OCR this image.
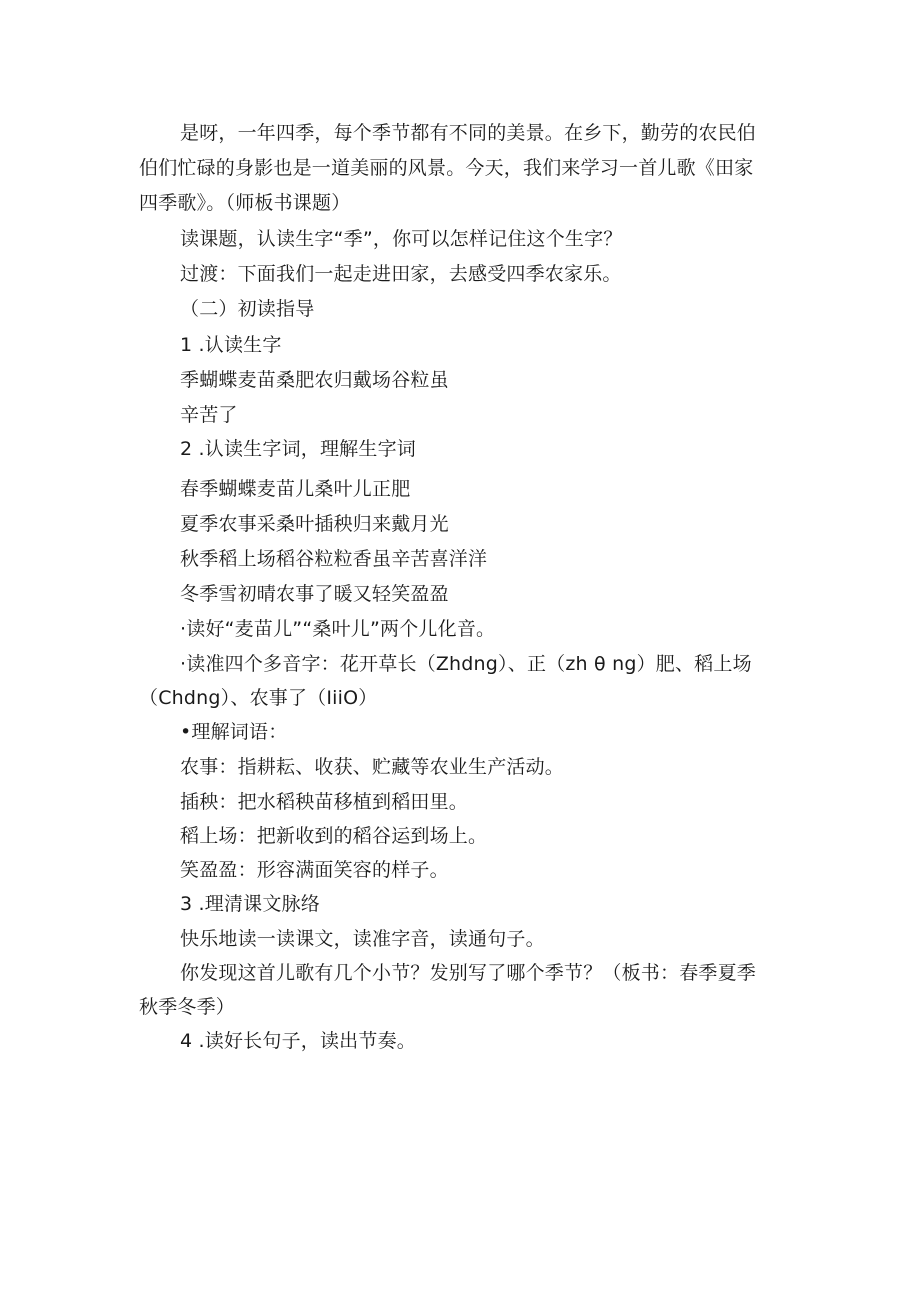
是呀，一年四季，每个季节都有不同的美景。在乡下，勤劳的农民伯
伯们忙碌的身影也是一道美丽的风景。今天，我们来学习一首儿歌《田家
四季歌》。（师板书课题）
读课题，认读生字“季”，你可以怎样记住这个生字？
过渡：下面我们一起走进田家，去感受四季农家乐。
（二）初读指导
1 .认读生字
季蝴蝶麦苗桑肥农归戴场谷粒虽
辛苦了
2 .认读生字词，理解生字词
春季蝴蝶麦苗儿桑叶儿正肥
夏季农事采桑叶插秧归来戴月光
秋季稻上场稻谷粒粒香虽辛苦喜洋洋
冬季雪初晴农事了暖又轻笑盈盈
·读好“麦苗儿”“桑叶儿”两个儿化音。
·读准四个多音字：花开草长（Zhdng）、正（zh θ ng）肥、稻上场
（Chdng）、农事了（IiiO）
•理解词语：
农事：指耕耘、收获、贮藏等农业生产活动。
插秧：把水稻秧苗移植到稻田里。
稻上场：把新收到的稻谷运到场上。
笑盈盈：形容满面笑容的样子。
3 .理清课文脉络
快乐地读一读课文，读准字音，读通句子。
你发现这首儿歌有几个小节？发别写了哪个季节？（板书：春季夏季
秋季冬季）
4 .读好长句子，读出节奏。
